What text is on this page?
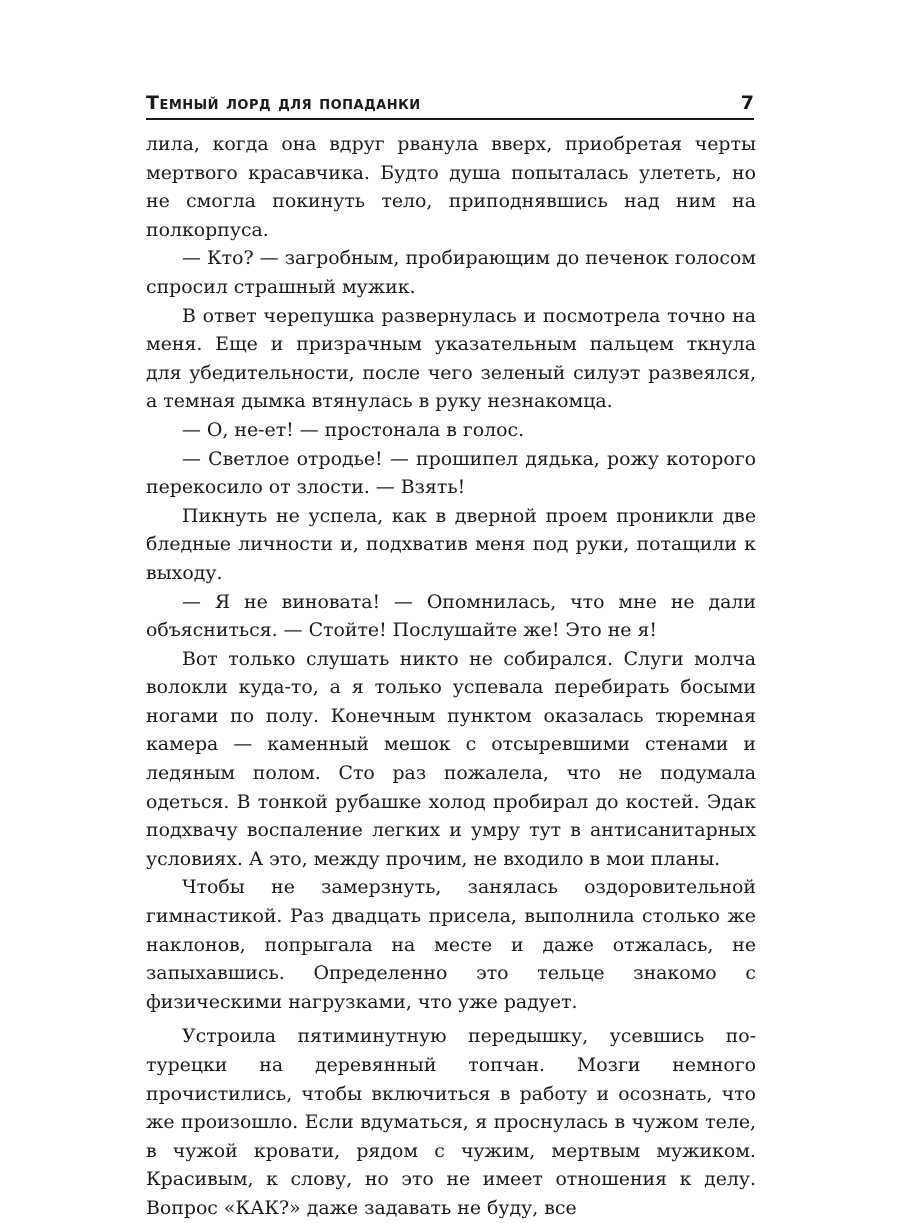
Темный лорд для попаданки	7

лила, когда она вдруг рванула вверх, приобретая черты мертвого красавчика. Будто душа попыталась улететь, но не смогла покинуть тело, приподнявшись над ним на полкорпуса.

— Кто? — загробным, пробирающим до печенок голосом спросил страшный мужик.

В ответ черепушка развернулась и посмотрела точно на меня. Еще и призрачным указательным пальцем ткнула для убедительности, после чего зеленый силуэт развеялся, а темная дымка втянулась в руку незнакомца.

— О, не-ет! — простонала в голос.

— Светлое отродье! — прошипел дядька, рожу которого перекосило от злости. — Взять!

Пикнуть не успела, как в дверной проем проникли две бледные личности и, подхватив меня под руки, потащили к выходу.

— Я не виновата! — Опомнилась, что мне не дали объясниться. — Стойте! Послушайте же! Это не я!

Вот только слушать никто не собирался. Слуги молча волокли куда-то, а я только успевала перебирать босыми ногами по полу. Конечным пунктом оказалась тюремная камера — каменный мешок с отсыревшими стенами и ледяным полом. Сто раз пожалела, что не подумала одеться. В тонкой рубашке холод пробирал до костей. Эдак подхвачу воспаление легких и умру тут в антисанитарных условиях. А это, между прочим, не входило в мои планы.

Чтобы не замерзнуть, занялась оздоровительной гимнастикой. Раз двадцать присела, выполнила столько же наклонов, попрыгала на месте и даже отжалась, не запыхавшись. Определенно это тельце знакомо с физическими нагрузками, что уже радует.

Устроила пятиминутную передышку, усевшись по-турецки на деревянный топчан. Мозги немного прочистились, чтобы включиться в работу и осознать, что же произошло. Если вдуматься, я проснулась в чужом теле, в чужой кровати, рядом с чужим, мертвым мужиком. Красивым, к слову, но это не имеет отношения к делу. Вопрос «КАК?» даже задавать не буду, все
